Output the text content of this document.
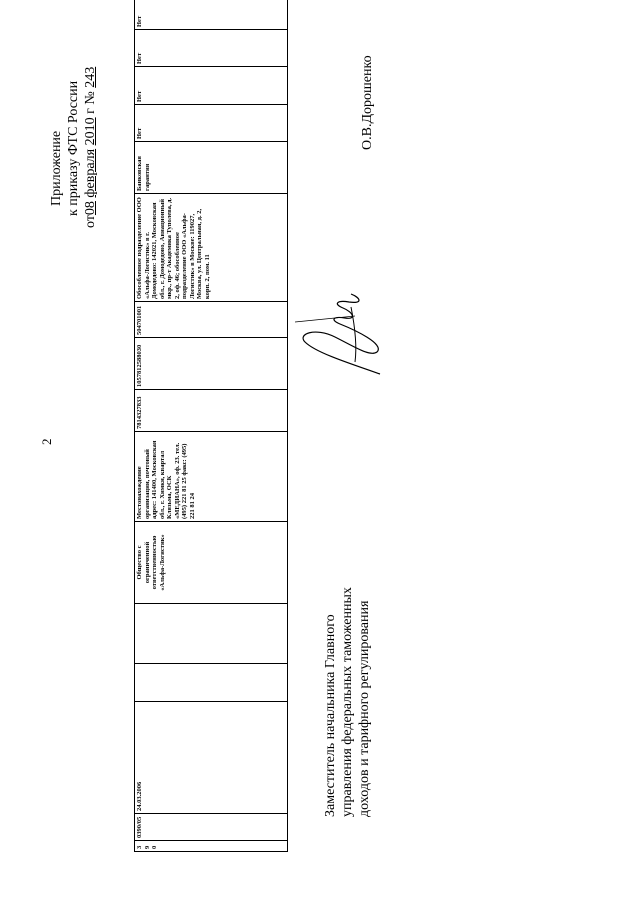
2
Приложение к приказу ФТС России
от08 февраля 2010 г № 243
390	0390/05	24.03.2006			Общество с ограниченной ответственностью «Альфа-Логистик»	Местонахождение организации, почтовый адрес: 141400, Московская обл., г. Химки, квартал Клязьма, ОСК «МЕДИАНА», оф. 23. тел. (495) 221 81 25 факс: (495) 221 81 24	7814327833	1057812588030	504701001	Обособленное подразделение ООО «Альфа-Логистик» в г. Домодедово: 142021, Московская обл., г. Домодедово, Авиационный мкр., пр-т Академика Туполева, д. 2, оф. 46; обособленное подразделение ООО «Альфа-Логистик» в Москве: 119027, Москва, ул. Центральная, д. 2, корп. 2, пом. 11	Банковская гарантия	Нет	Нет	Нет	Нет
Заместитель начальника Главного управления федеральных таможенных доходов и тарифного регулирования
О.В.Дорошенко
